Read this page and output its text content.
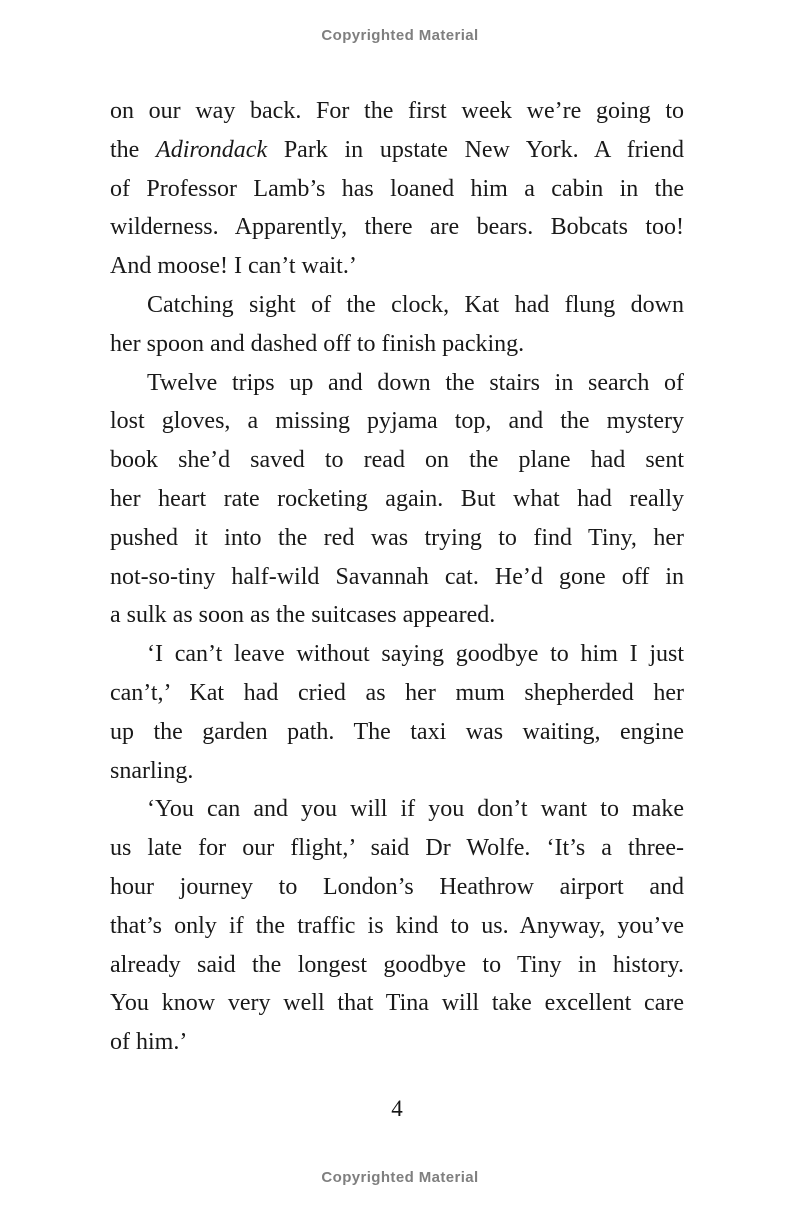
Copyrighted Material
on our way back. For the first week we’re going to
the Adirondack Park in upstate New York. A friend
of Professor Lamb’s has loaned him a cabin in the
wilderness. Apparently, there are bears. Bobcats too!
And moose! I can’t wait.’
Catching sight of the clock, Kat had flung down
her spoon and dashed off to finish packing.
Twelve trips up and down the stairs in search of
lost gloves, a missing pyjama top, and the mystery
book she’d saved to read on the plane had sent
her heart rate rocketing again. But what had really
pushed it into the red was trying to find Tiny, her
not-so-tiny half-wild Savannah cat. He’d gone off in
a sulk as soon as the suitcases appeared.
‘I can’t leave without saying goodbye to him I just
can’t,’ Kat had cried as her mum shepherded her
up the garden path. The taxi was waiting, engine
snarling.
‘You can and you will if you don’t want to make
us late for our flight,’ said Dr Wolfe. ‘It’s a three-
hour journey to London’s Heathrow airport and
that’s only if the traffic is kind to us. Anyway, you’ve
already said the longest goodbye to Tiny in history.
You know very well that Tina will take excellent care
of him.’
4
Copyrighted Material
